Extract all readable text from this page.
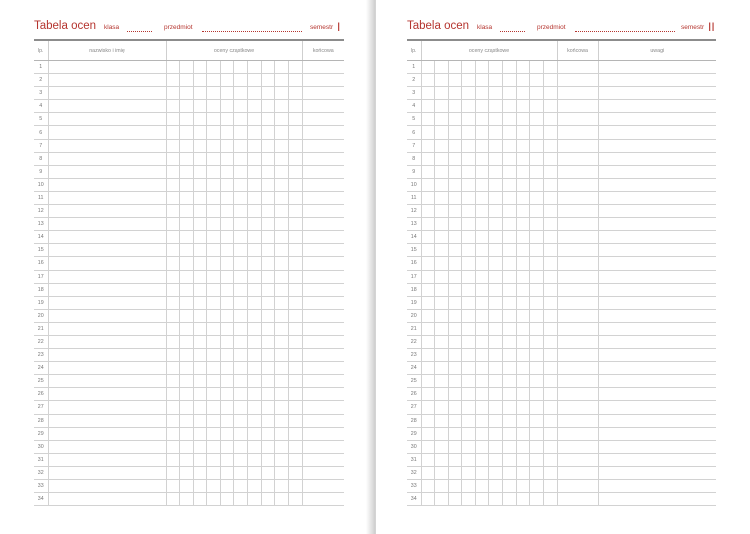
Tabela ocen klasa	przedmiot	semestr I
lp.	nazwisko i imię	oceny cząstkowe										końcowa
1												
2												
3												
4												
5												
6												
7												
8												
9												
10												
11												
12												
13												
14												
15												
16												
17												
18												
19												
20												
21												
22												
23												
24												
25												
26												
27												
28												
29												
30												
31												
32												
33												
34												
Tabela ocen klasa	przedmiot	semestr II
lp.	oceny cząstkowe										końcowa	uwagi
1												
2												
3												
4												
5												
6												
7												
8												
9												
10												
11												
12												
13												
14												
15												
16												
17												
18												
19												
20												
21												
22												
23												
24												
25												
26												
27												
28												
29												
30												
31												
32												
33												
34												
